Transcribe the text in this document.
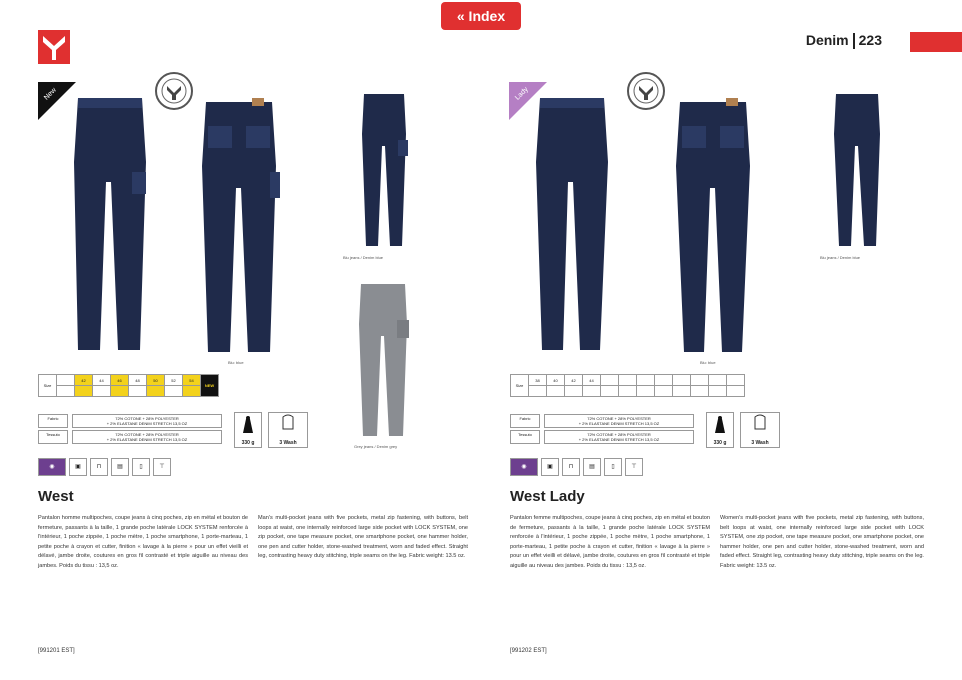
« Index
Denim 223
New
Blu: blue
Blu jeans / Denim blue
Grey jeans / Denim grey
Size		42	44	46	48	50	52	54	NEW

Fabric	72% COTONE + 28% POLYESTER
+ 2% ELASTANE DENIM STRETCH 13,5 OZ
Tessuto	72% COTONE + 28% POLYESTER
+ 2% ELASTANE DENIM STRETCH 13,5 OZ
330 g	3 Wash
◉	▣	⊓	▤	▯	⊤
West
Pantalon homme multipoches, coupe jeans à cinq poches, zip en métal et bouton de fermeture, passants à la taille, 1 grande poche latérale LOCK SYSTEM renforcée à l'intérieur, 1 poche zippée, 1 poche mètre, 1 poche smartphone, 1 porte-marteau, 1 petite poche à crayon et cutter, finition « lavage à la pierre » pour un effet vieilli et délavé, jambe droite, coutures en gros fil contrasté et triple aiguille au niveau des jambes. Poids du tissu : 13,5 oz.
Man's multi-pocket jeans with five pockets, metal zip fastening, with buttons, belt loops at waist, one internally reinforced large side pocket with LOCK SYSTEM, one zip pocket, one tape measure pocket, one smartphone pocket, one hammer holder, one pen and cutter holder, stone-washed treatment, worn and faded effect. Straight leg, contrasting heavy duty stitching, triple seams on the leg. Fabric weight: 13.5 oz.
[991201 EST]
Lady
Blu: blue
Blu jeans / Denim blue
Size	38	40	42	44								

Fabric	72% COTONE + 28% POLYESTER
+ 2% ELASTANE DENIM STRETCH 13,5 OZ
Tessuto	72% COTONE + 28% POLYESTER
+ 2% ELASTANE DENIM STRETCH 13,5 OZ
330 g	3 Wash
◉	▣	⊓	▤	▯	⊤
West Lady
Pantalon femme multipoches, coupe jeans à cinq poches, zip en métal et bouton de fermeture, passants à la taille, 1 grande poche latérale LOCK SYSTEM renforcée à l'intérieur, 1 poche zippée, 1 poche mètre, 1 poche smartphone, 1 porte-marteau, 1 petite poche à crayon et cutter, finition « lavage à la pierre » pour un effet vieilli et délavé, jambe droite, coutures en gros fil contrasté et triple aiguille au niveau des jambes. Poids du tissu : 13,5 oz.
Women's multi-pocket jeans with five pockets, metal zip fastening, with buttons, belt loops at waist, one internally reinforced large side pocket with LOCK SYSTEM, one zip pocket, one tape measure pocket, one smartphone pocket, one hammer holder, one pen and cutter holder, stone-washed treatment, worn and faded effect. Straight leg, contrasting heavy duty stitching, triple seams on the leg. Fabric weight: 13.5 oz.
[991202 EST]
